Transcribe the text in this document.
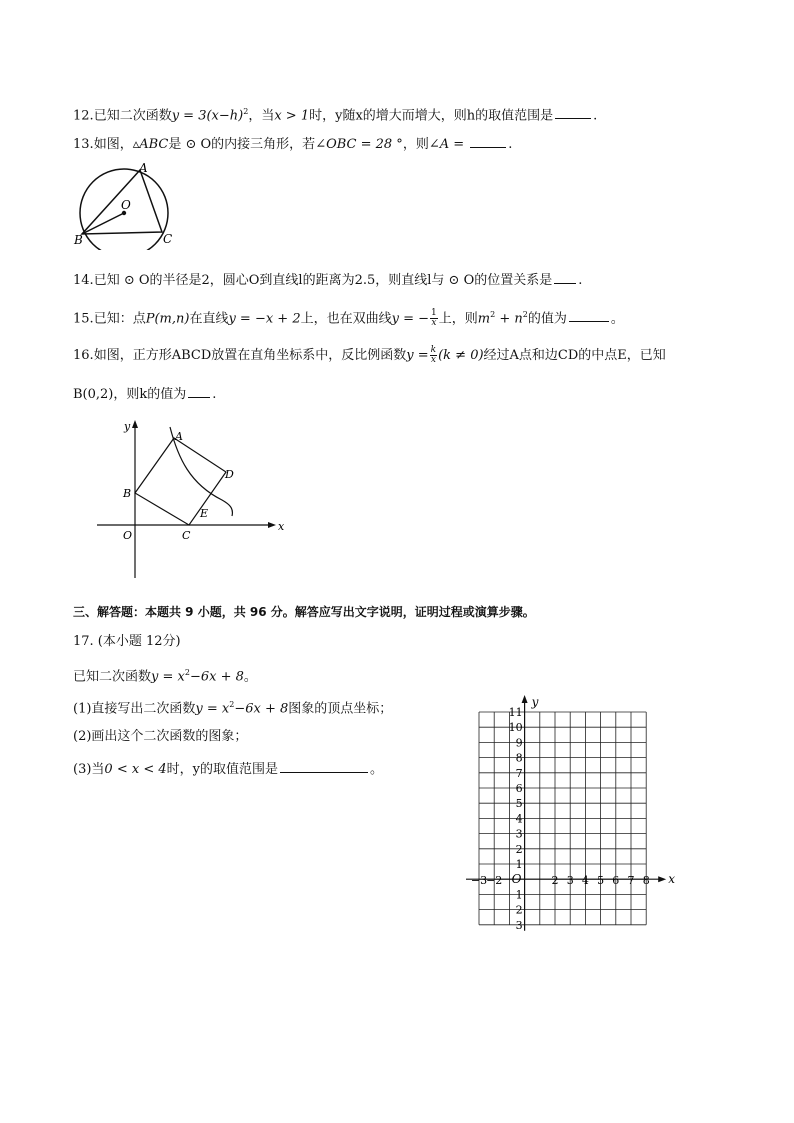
12.已知二次函数$y = 3(x-h)^2$，当x > 1时，y随x的增大而增大，则h的取值范围是	.
13.如图，▵ABC是 ⊙ O的内接三角形，若∠OBC = 28 °，则∠A =	.
A
B	C
O
14.已知 ⊙ O的半径是2，圆心O到直线l的距离为2.5，则直线l与 ⊙ O的位置关系是 .
15.已知：点P(m,n)在直线y = −x + 2上，也在双曲线y = − $\frac{1}{x}$ 上，则$m^2 + n^2$的值为	。
16.如图，正方形ABCD放置在直角坐标系中，反比例函数$y = \frac{k}{x} (k \ne 0)$经过A点和边CD的中点E，已知
B(0,2)，则k的值为 .
y
x
O
A
B
C
D
E
三、解答题：本题共 9 小题，共 96 分。解答应写出文字说明，证明过程或演算步骤。
17. (本小题 12分)
已知二次函数$y = x^2-6x + 8$。
(1)直接写出二次函数$y = x^2-6x + 8$图象的顶点坐标；
(2)画出这个二次函数的图象；
(3)当0 < x < 4时，y的取值范围是	。
x
y
O
−3
−2	2 3 4 5 6 7 8
11
10
9
8
7
6
5
4
3
2
1
1
2
3
